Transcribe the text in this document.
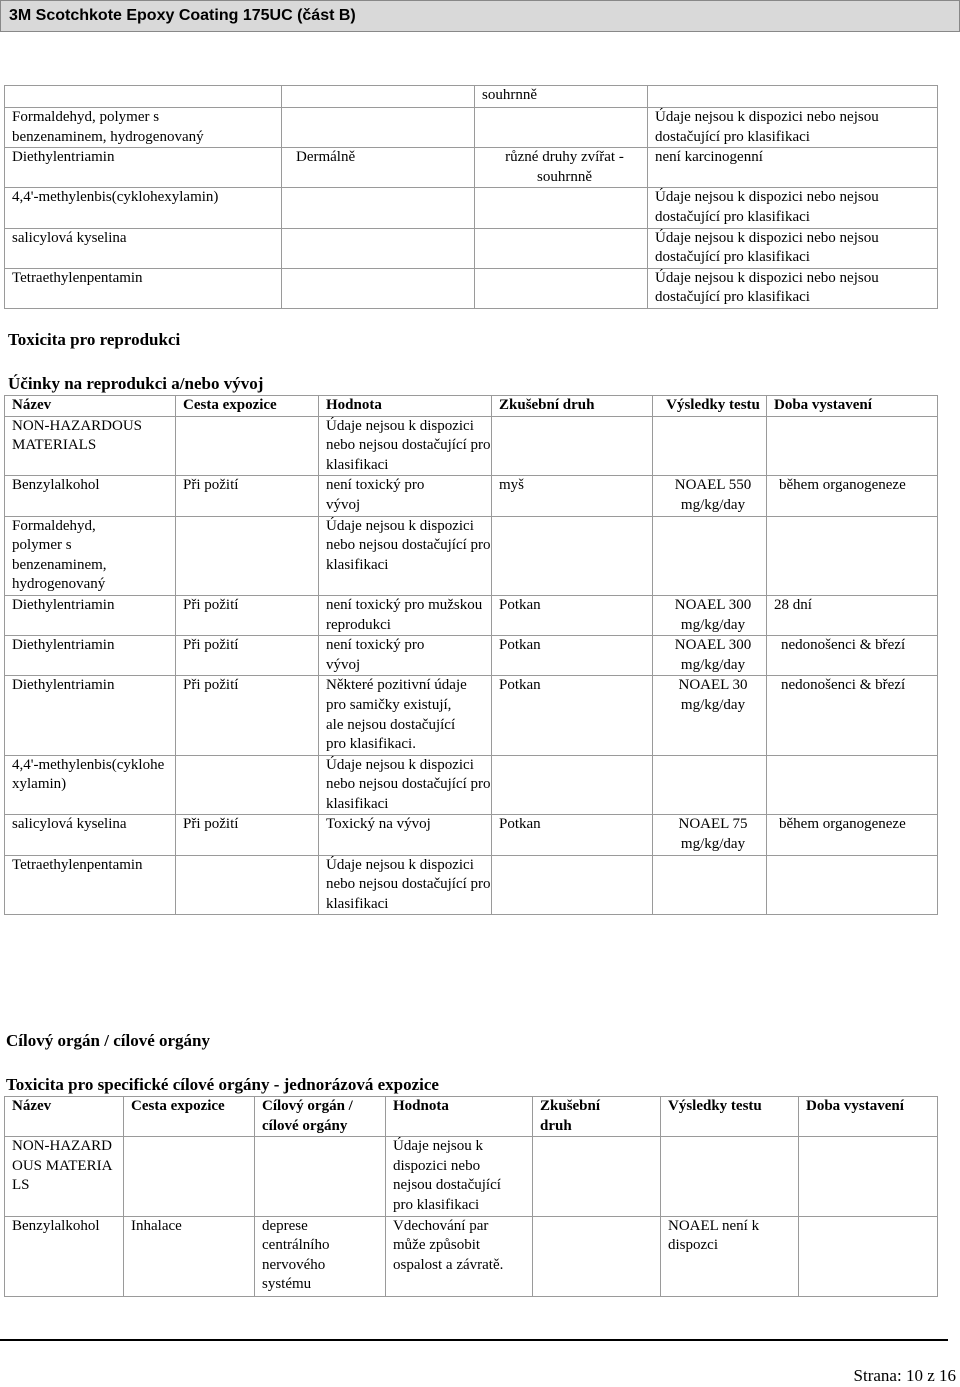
3M Scotchkote Epoxy Coating 175UC (část B)
		souhrnně	
Formaldehyd, polymer s benzenaminem, hydrogenovaný			Údaje nejsou k dispozici nebo nejsou dostačující pro klasifikaci
Diethylentriamin	Dermálně	různé druhy zvířat - souhrnně	není karcinogenní
4,4'-methylenbis(cyklohexylamin)			Údaje nejsou k dispozici nebo nejsou dostačující pro klasifikaci
salicylová kyselina			Údaje nejsou k dispozici nebo nejsou dostačující pro klasifikaci
Tetraethylenpentamin			Údaje nejsou k dispozici nebo nejsou dostačující pro klasifikaci
Toxicita pro reprodukci
Účinky na reprodukci a/nebo vývoj
Název	Cesta expozice	Hodnota	Zkušební druh	Výsledky testu	Doba vystavení
NON-HAZARDOUS MATERIALS		Údaje nejsou k dispozici nebo nejsou dostačující pro klasifikaci			
Benzylalkohol	Při požití	není toxický pro vývoj	myš	NOAEL 550 mg/kg/day	během organogeneze
Formaldehyd, polymer s benzenaminem, hydrogenovaný		Údaje nejsou k dispozici nebo nejsou dostačující pro klasifikaci			
Diethylentriamin	Při požití	není toxický pro mužskou reprodukci	Potkan	NOAEL 300 mg/kg/day	28 dní
Diethylentriamin	Při požití	není toxický pro vývoj	Potkan	NOAEL 300 mg/kg/day	nedonošenci & březí
Diethylentriamin	Při požití	Některé pozitivní údaje pro samičky existují, ale nejsou dostačující pro klasifikaci.	Potkan	NOAEL 30 mg/kg/day	nedonošenci & březí
4,4'-methylenbis(cyklohexylamin)		Údaje nejsou k dispozici nebo nejsou dostačující pro klasifikaci			
salicylová kyselina	Při požití	Toxický na vývoj	Potkan	NOAEL 75 mg/kg/day	během organogeneze
Tetraethylenpentamin		Údaje nejsou k dispozici nebo nejsou dostačující pro klasifikaci			
Cílový orgán / cílové orgány
Toxicita pro specifické cílové orgány - jednorázová expozice
Název	Cesta expozice	Cílový orgán / cílové orgány	Hodnota	Zkušební druh	Výsledky testu	Doba vystavení
NON-HAZARDOUS MATERIALS			Údaje nejsou k dispozici nebo nejsou dostačující pro klasifikaci			
Benzylalkohol	Inhalace	deprese centrálního nervového systému	Vdechování par může způsobit ospalost a závratě.		NOAEL není k dispozci	
Strana: 10 z 16
